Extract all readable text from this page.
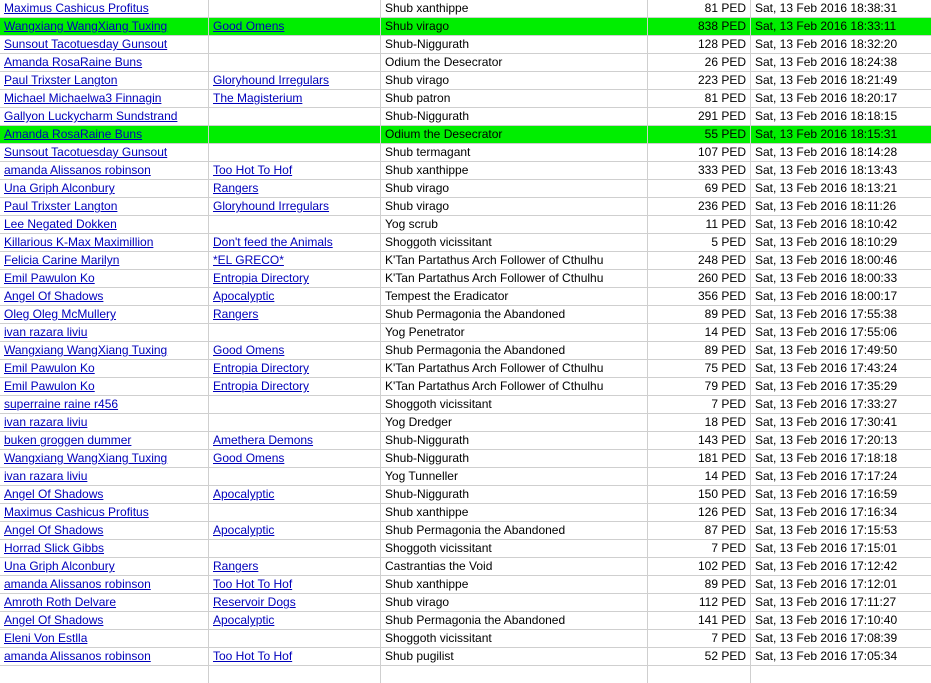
Maximus Cashicus Profitus		Shub xanthippe	81 PED	Sat, 13 Feb 2016 18:38:31
Wangxiang WangXiang Tuxing	Good Omens	Shub virago	838 PED	Sat, 13 Feb 2016 18:33:11
Sunsout Tacotuesday Gunsout		Shub-Niggurath	128 PED	Sat, 13 Feb 2016 18:32:20
Amanda RosaRaine Buns		Odium the Desecrator	26 PED	Sat, 13 Feb 2016 18:24:38
Paul Trixster Langton	Gloryhound Irregulars	Shub virago	223 PED	Sat, 13 Feb 2016 18:21:49
Michael Michaelwa3 Finnagin	The Magisterium	Shub patron	81 PED	Sat, 13 Feb 2016 18:20:17
Gallyon Luckycharm Sundstrand		Shub-Niggurath	291 PED	Sat, 13 Feb 2016 18:18:15
Amanda RosaRaine Buns		Odium the Desecrator	55 PED	Sat, 13 Feb 2016 18:15:31
Sunsout Tacotuesday Gunsout		Shub termagant	107 PED	Sat, 13 Feb 2016 18:14:28
amanda Alissanos robinson	Too Hot To Hof	Shub xanthippe	333 PED	Sat, 13 Feb 2016 18:13:43
Una Griph Alconbury	Rangers	Shub virago	69 PED	Sat, 13 Feb 2016 18:13:21
Paul Trixster Langton	Gloryhound Irregulars	Shub virago	236 PED	Sat, 13 Feb 2016 18:11:26
Lee Negated Dokken		Yog scrub	11 PED	Sat, 13 Feb 2016 18:10:42
Killarious K-Max Maximillion	Don't feed the Animals	Shoggoth vicissitant	5 PED	Sat, 13 Feb 2016 18:10:29
Felicia Carine Marilyn	*EL GRECO*	K'Tan Partathus Arch Follower of Cthulhu	248 PED	Sat, 13 Feb 2016 18:00:46
Emil Pawulon Ko	Entropia Directory	K'Tan Partathus Arch Follower of Cthulhu	260 PED	Sat, 13 Feb 2016 18:00:33
Angel Of Shadows	Apocalyptic	Tempest the Eradicator	356 PED	Sat, 13 Feb 2016 18:00:17
Oleg Oleg McMullery	Rangers	Shub Permagonia the Abandoned	89 PED	Sat, 13 Feb 2016 17:55:38
ivan razara liviu		Yog Penetrator	14 PED	Sat, 13 Feb 2016 17:55:06
Wangxiang WangXiang Tuxing	Good Omens	Shub Permagonia the Abandoned	89 PED	Sat, 13 Feb 2016 17:49:50
Emil Pawulon Ko	Entropia Directory	K'Tan Partathus Arch Follower of Cthulhu	75 PED	Sat, 13 Feb 2016 17:43:24
Emil Pawulon Ko	Entropia Directory	K'Tan Partathus Arch Follower of Cthulhu	79 PED	Sat, 13 Feb 2016 17:35:29
superraine raine r456		Shoggoth vicissitant	7 PED	Sat, 13 Feb 2016 17:33:27
ivan razara liviu		Yog Dredger	18 PED	Sat, 13 Feb 2016 17:30:41
buken groggen dummer	Amethera Demons	Shub-Niggurath	143 PED	Sat, 13 Feb 2016 17:20:13
Wangxiang WangXiang Tuxing	Good Omens	Shub-Niggurath	181 PED	Sat, 13 Feb 2016 17:18:18
ivan razara liviu		Yog Tunneller	14 PED	Sat, 13 Feb 2016 17:17:24
Angel Of Shadows	Apocalyptic	Shub-Niggurath	150 PED	Sat, 13 Feb 2016 17:16:59
Maximus Cashicus Profitus		Shub xanthippe	126 PED	Sat, 13 Feb 2016 17:16:34
Angel Of Shadows	Apocalyptic	Shub Permagonia the Abandoned	87 PED	Sat, 13 Feb 2016 17:15:53
Horrad Slick Gibbs		Shoggoth vicissitant	7 PED	Sat, 13 Feb 2016 17:15:01
Una Griph Alconbury	Rangers	Castrantias the Void	102 PED	Sat, 13 Feb 2016 17:12:42
amanda Alissanos robinson	Too Hot To Hof	Shub xanthippe	89 PED	Sat, 13 Feb 2016 17:12:01
Amroth Roth Delvare	Reservoir Dogs	Shub virago	112 PED	Sat, 13 Feb 2016 17:11:27
Angel Of Shadows	Apocalyptic	Shub Permagonia the Abandoned	141 PED	Sat, 13 Feb 2016 17:10:40
Eleni Von Estlla		Shoggoth vicissitant	7 PED	Sat, 13 Feb 2016 17:08:39
amanda Alissanos robinson	Too Hot To Hof	Shub pugilist	52 PED	Sat, 13 Feb 2016 17:05:34
